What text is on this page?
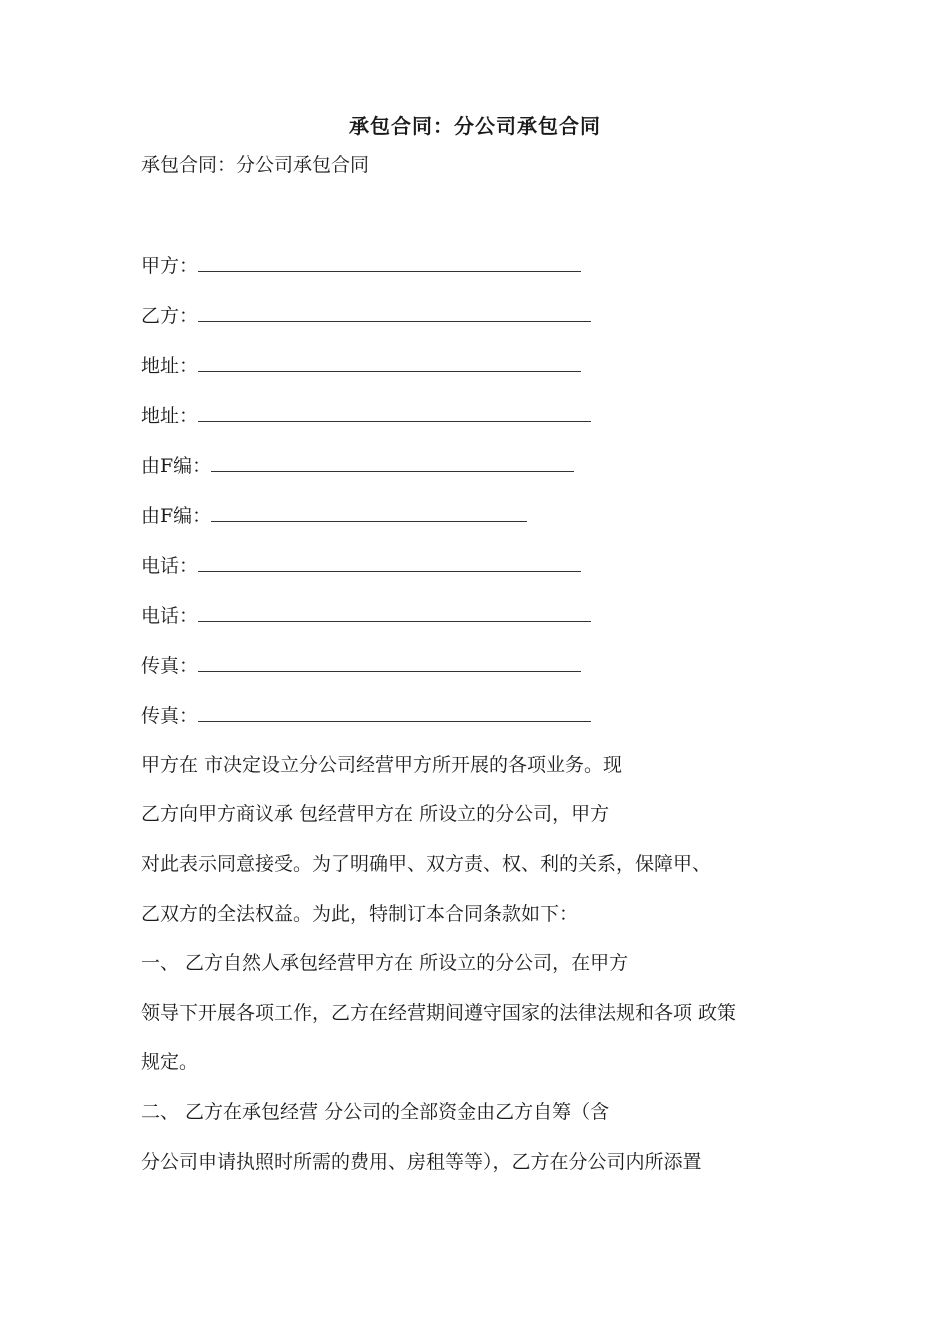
承包合同：分公司承包合同
承包合同：分公司承包合同
甲方：
乙方：
地址：
地址：
由F编：
由F编：
电话：
电话：
传真：
传真：
甲方在 市决定设立分公司经营甲方所开展的各项业务。现
乙方向甲方商议承 包经营甲方在 所设立的分公司，甲方
对此表示同意接受。为了明确甲、双方责、权、利的关系，保障甲、
乙双方的全法权益。为此，特制订本合同条款如下：
一、 乙方自然人承包经营甲方在 所设立的分公司，在甲方
领导下开展各项工作，乙方在经营期间遵守国家的法律法规和各项 政策
规定。
二、 乙方在承包经营 分公司的全部资金由乙方自筹（含
分公司申请执照时所需的费用、房租等等），乙方在分公司内所添置
